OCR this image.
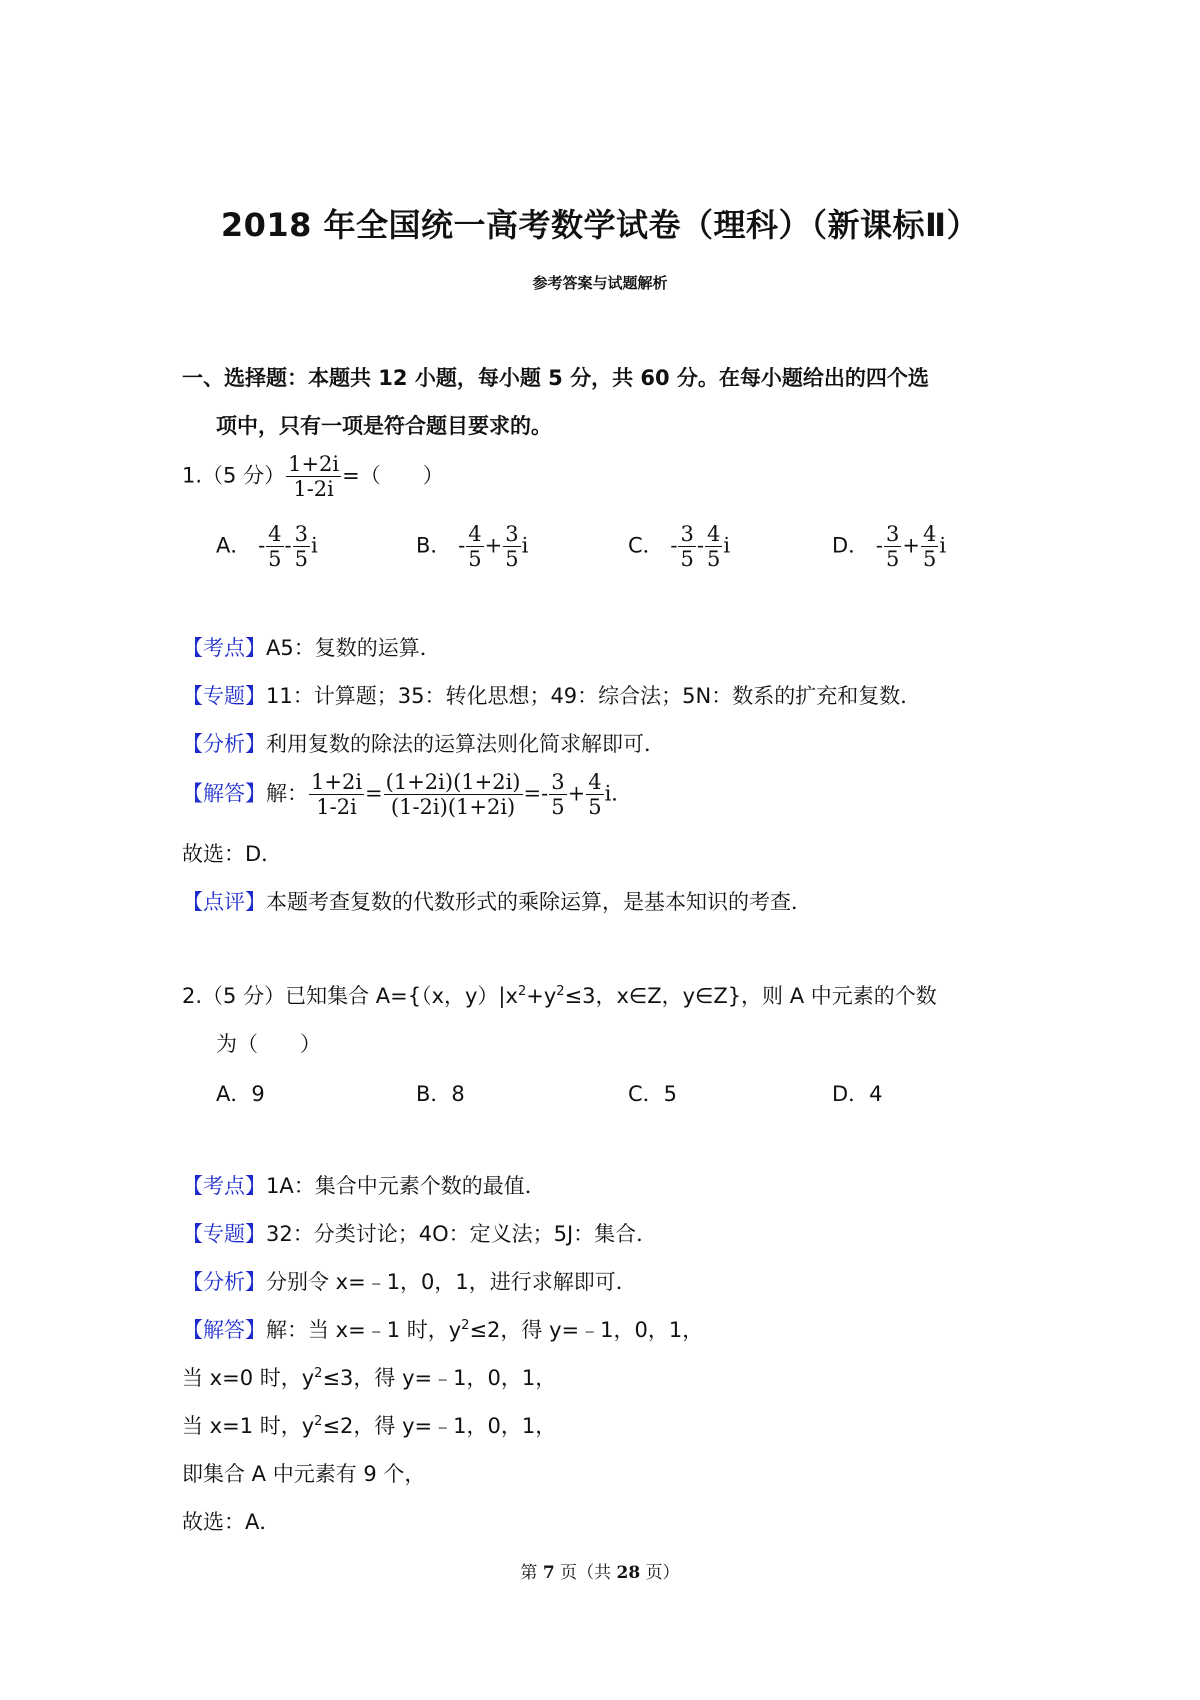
2018 年全国统一高考数学试卷（理科）（新课标Ⅱ）
参考答案与试题解析
一、选择题：本题共 12 小题，每小题 5 分，共 60 分。在每小题给出的四个选
项中，只有一项是符合题目要求的。
1.（5 分） $\frac{1+2i}{1-2i}$ =（　　）
A． - $\frac{4}{5} - \frac{3}{5}$ i	B． - $\frac{4}{5} + \frac{3}{5}$ i	C． - $\frac{3}{5} - \frac{4}{5}$ i	D． - $\frac{3}{5} + \frac{4}{5}$ i
【考点】A5：复数的运算．
【专题】11：计算题；35：转化思想；49：综合法；5N：数系的扩充和复数．
【分析】利用复数的除法的运算法则化简求解即可．
【解答】解： $\frac{1+2i}{1-2i} = \frac{(1+2i)(1+2i)}{(1-2i)(1+2i)} =- \frac{3}{5} + \frac{4}{5}$ i．
故选：D．
【点评】本题考查复数的代数形式的乘除运算，是基本知识的考查．
2.（5 分）已知集合 A={（x，$y)|x^2+y^2\le 3$，x∈Z，y∈Z}，则 A 中元素的个数
为（　　）
A．9	B．8	C．5	D．4
【考点】1A：集合中元素个数的最值．
【专题】32：分类讨论；4O：定义法；5J：集合．
【分析】分别令 x=﹣1，0，1，进行求解即可．
【解答】解：当 x=﹣1 时，$y^2\le 2$，得 y=﹣1，0，1，
当 x=0 时，$y^2\le 3$，得 y=﹣1，0，1，
当 x=1 时，$y^2\le 2$，得 y=﹣1，0，1，
即集合 A 中元素有 9 个，
故选：A．
第 7 页（共 28 页）
